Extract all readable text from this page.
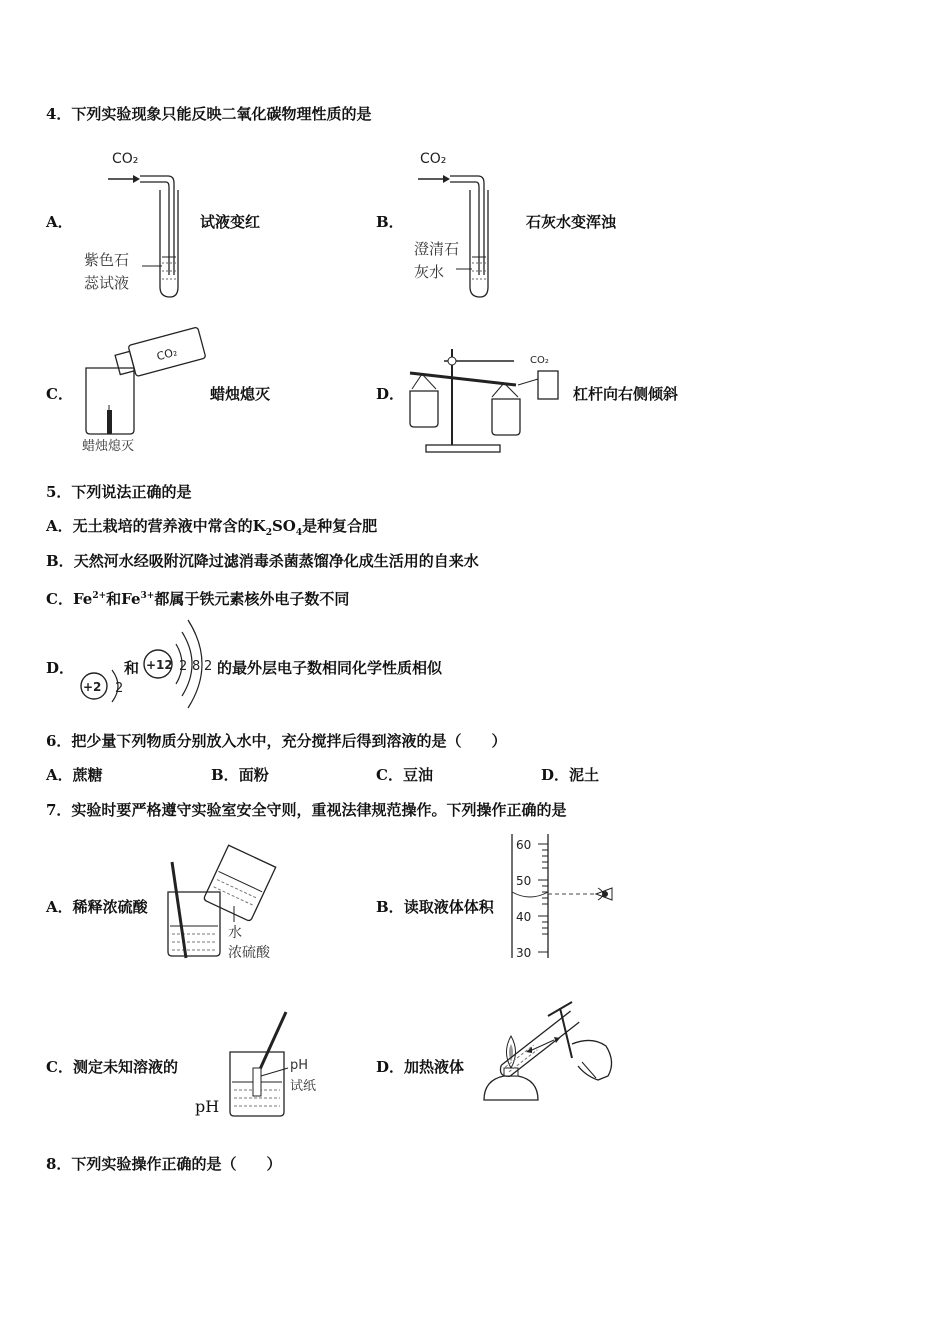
4．下列实验现象只能反映二氧化碳物理性质的是
A．
CO₂
紫色石
蕊试液
试液变红	B．
CO₂
澄清石
灰水
石灰水变浑浊
C．
CO₂
蜡烛熄灭
蜡烛熄灭	D．
CO₂
杠杆向右侧倾斜
5．下列说法正确的是
A．无土栽培的营养液中常含的$K_2SO_4$是种复合肥
B．天然河水经吸附沉降过滤消毒杀菌蒸馏净化成生活用的自来水
C．$Fe^{2+}$和$Fe^{3+}$都属于铁元素核外电子数不同
D．
+2 2
和 +12 2 8 2 的最外层电子数相同化学性质相似
6．把少量下列物质分别放入水中，充分搅拌后得到溶液的是（　　）
A．蔗糖	B．面粉	C．豆油	D．泥土
7．实验时要严格遵守实验室安全守则，重视法律规范操作。下列操作正确的是
A．稀释浓硫酸
水
浓硫酸
B．读取液体体积
60
50
40
30
C．测定未知溶液的	pH
试纸
pH
D．加热液体
8．下列实验操作正确的是（　　）
